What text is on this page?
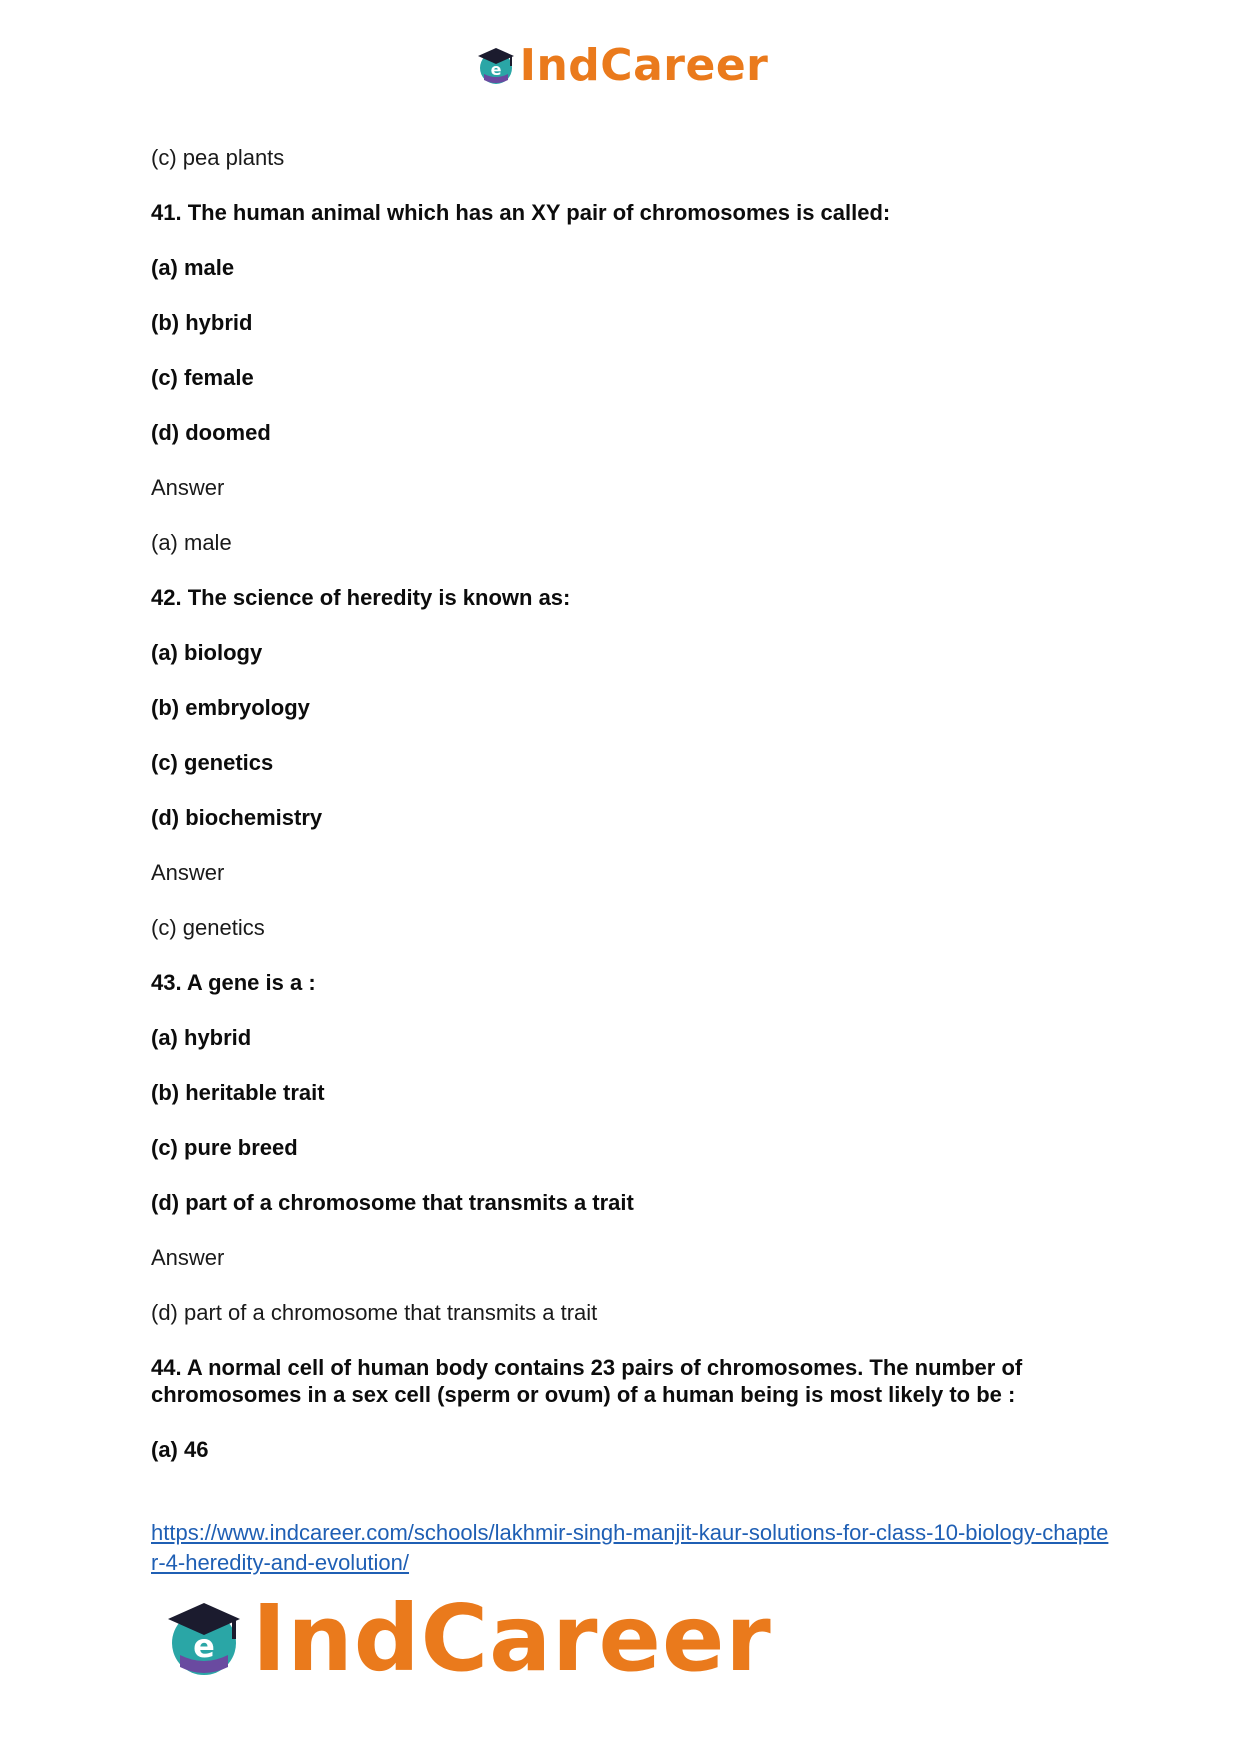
e IndCareer

(c) pea plants

41. The human animal which has an XY pair of chromosomes is called:

(a) male

(b) hybrid

(c) female

(d) doomed

Answer

(a) male

42. The science of heredity is known as:

(a) biology

(b) embryology

(c) genetics

(d) biochemistry

Answer

(c) genetics

43. A gene is a :

(a) hybrid

(b) heritable trait

(c) pure breed

(d) part of a chromosome that transmits a trait

Answer

(d) part of a chromosome that transmits a trait

44. A normal cell of human body contains 23 pairs of chromosomes. The number of chromosomes in a sex cell (sperm or ovum) of a human being is most likely to be :

(a) 46

https://www.indcareer.com/schools/lakhmir-singh-manjit-kaur-solutions-for-class-10-biology-chapter-4-heredity-and-evolution/
e IndCareer
